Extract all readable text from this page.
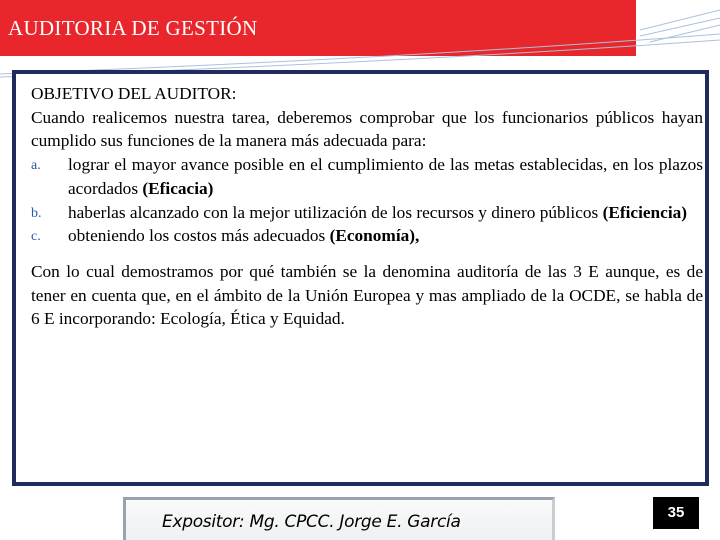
AUDITORIA DE GESTIÓN

OBJETIVO DEL AUDITOR:

Cuando realicemos nuestra tarea, deberemos comprobar que los funcionarios públicos hayan cumplido sus funciones de la manera más adecuada para:

a. lograr el mayor avance posible en el cumplimiento de las metas establecidas, en los plazos acordados (Eficacia)
b. haberlas alcanzado con la mejor utilización de los recursos y dinero públicos (Eficiencia)
c. obteniendo los costos más adecuados (Economía),

Con lo cual demostramos por qué también se la denomina auditoría de las 3 E aunque, es de tener en cuenta que, en el ámbito de la Unión Europea y mas ampliado de la OCDE, se habla de 6 E incorporando: Ecología, Ética y Equidad.

Expositor: Mg. CPCC. Jorge E. García	35
